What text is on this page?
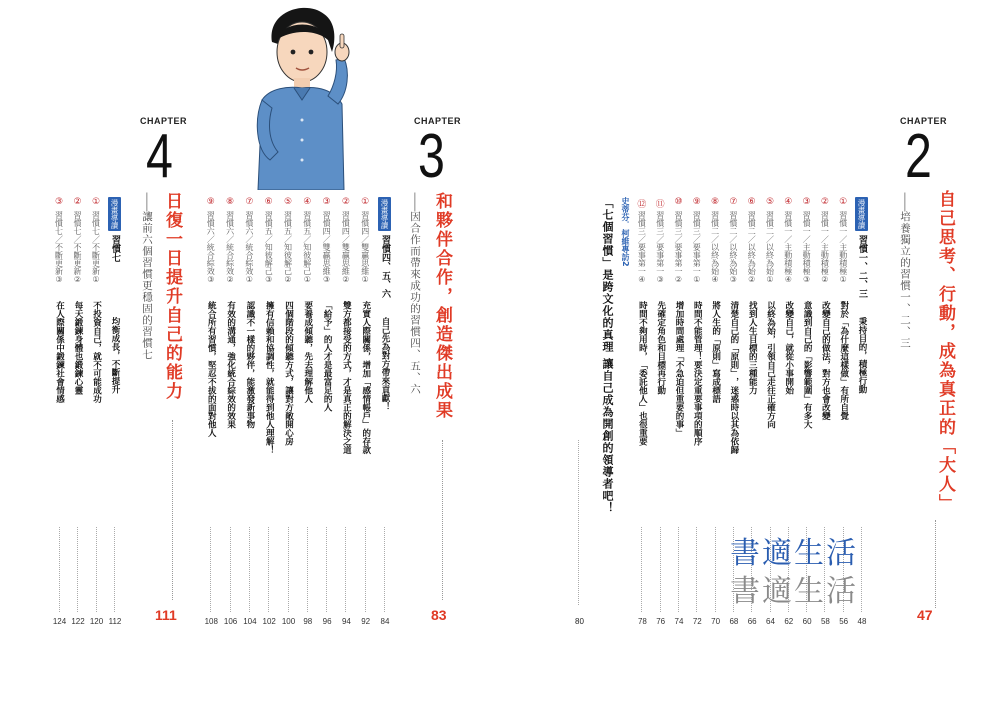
CHAPTER
2
自己思考、行動，成為真正的「大人」
—— 培養獨立的習慣一、二、三
47
漫畫導讀
習慣一、二、三
秉持目的，積極行動
48
①
習慣一／主動積極①
對於「為什麼這樣做」有所自覺
56
②
習慣一／主動積極②
改變自己的做法，對方也會改變
58
③
習慣一／主動積極③
意識到自己的「影響範圍」有多大
60
④
習慣一／主動積極④
改變自己，就從小事開始
62
⑤
習慣二／以終為始①
以終為始，引領自己走往正確方向
64
⑥
習慣二／以終為始②
找到人生目標的三種能力
66
⑦
習慣二／以終為始③
清楚自己的「原則」，迷惑時以其為依歸
68
⑧
習慣二／以終為始④
將人生的「原則」寫成標語
70
⑨
習慣三／要事第一①
時間不能管理！要決定重要事項的順序
72
⑩
習慣三／要事第一②
增加時間處理「不急迫但重要的事」
74
⑪
習慣三／要事第一③
先確定角色和目標再行動
76
⑫
習慣三／要事第一④
時間不夠用時，「委託他人」也很重要
78
史蒂芬．柯維專訪2
「七個習慣」是跨文化的真理 讓自己成為開創的領導者吧！
80
CHAPTER
3
和夥伴合作，創造傑出成果
—— 因合作而帶來成功的習慣四、五、六
83
漫畫導讀
習慣四、五、六
自己先為對方帶來貢獻！
84
①
習慣四／雙贏思維①
充實人際關係，增加「感情帳戶」的存款
92
②
習慣四／雙贏思維②
雙方都接受的方式，才是真正的解決之道
94
③
習慣四／雙贏思維③
「給予」的人才是最富足的人
96
④
習慣五／知彼解己①
要養成傾聽，先去理解他人
98
⑤
習慣五／知彼解己②
四個階段的傾聽方式，讓對方敞開心房
100
⑥
習慣五／知彼解己③
擁有信賴和協調性，就能得到他人理解！
102
⑦
習慣六／統合綜效①
認識不一樣的夥伴，能激發新事物
104
⑧
習慣六／統合綜效②
有效的溝通，強化統合綜效的效果
106
⑨
習慣六／統合綜效③
統合所有習慣，堅忍不拔的面對他人
108
CHAPTER
4
日復一日提升自己的能力
—— 讓前六個習慣更穩固的習慣七
111
漫畫導讀
習慣七
均衡成長，不斷提升
112
①
習慣七／不斷更新①
不投資自己，就不可能成功
120
②
習慣七／不斷更新②
每天鍛鍊身體也鍛鍊心靈
122
③
習慣七／不斷更新③
在人際關係中鍛鍊社會情感
124
書適生活
書適生活
